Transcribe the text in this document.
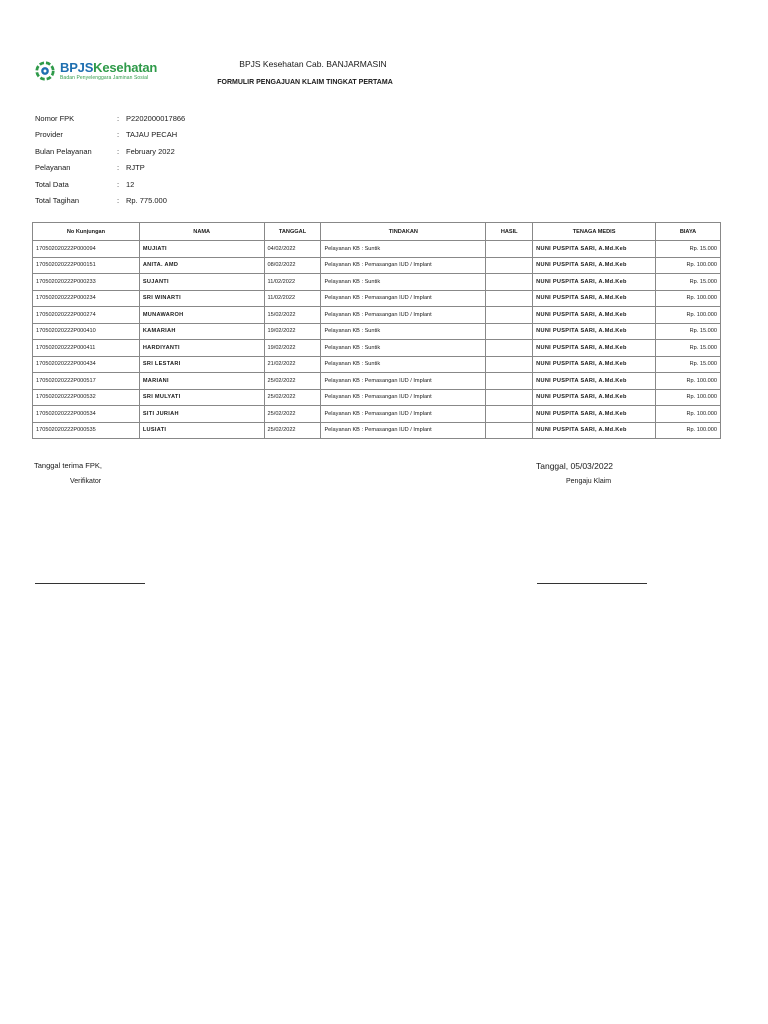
BPJSKesehatan
Badan Penyelenggara Jaminan Sosial
BPJS Kesehatan Cab. BANJARMASIN
FORMULIR PENGAJUAN KLAIM TINGKAT PERTAMA
Nomor FPK	: P2202000017866
Provider	: TAJAU PECAH
Bulan Pelayanan	: February 2022
Pelayanan	: RJTP
Total Data	: 12
Total Tagihan	: Rp. 775.000
No Kunjungan	NAMA	TANGGAL	TINDAKAN	HASIL	TENAGA MEDIS	BIAYA
170502020222P000094	MUJIATI	04/02/2022	Pelayanan KB : Suntik		NUNI PUSPITA SARI, A.Md.Keb	Rp. 15.000
170502020222P000151	ANITA. AMD	08/02/2022	Pelayanan KB : Pemasangan IUD / Implant		NUNI PUSPITA SARI, A.Md.Keb	Rp. 100.000
170502020222P000233	SUJANTI	11/02/2022	Pelayanan KB : Suntik		NUNI PUSPITA SARI, A.Md.Keb	Rp. 15.000
170502020222P000234	SRI WINARTI	11/02/2022	Pelayanan KB : Pemasangan IUD / Implant		NUNI PUSPITA SARI, A.Md.Keb	Rp. 100.000
170502020222P000274	MUNAWAROH	15/02/2022	Pelayanan KB : Pemasangan IUD / Implant		NUNI PUSPITA SARI, A.Md.Keb	Rp. 100.000
170502020222P000410	KAMARIAH	19/02/2022	Pelayanan KB : Suntik		NUNI PUSPITA SARI, A.Md.Keb	Rp. 15.000
170502020222P000411	HARDIYANTI	19/02/2022	Pelayanan KB : Suntik		NUNI PUSPITA SARI, A.Md.Keb	Rp. 15.000
170502020222P000434	SRI LESTARI	21/02/2022	Pelayanan KB : Suntik		NUNI PUSPITA SARI, A.Md.Keb	Rp. 15.000
170502020222P000517	MARIANI	25/02/2022	Pelayanan KB : Pemasangan IUD / Implant		NUNI PUSPITA SARI, A.Md.Keb	Rp. 100.000
170502020222P000532	SRI MULYATI	25/02/2022	Pelayanan KB : Pemasangan IUD / Implant		NUNI PUSPITA SARI, A.Md.Keb	Rp. 100.000
170502020222P000534	SITI JURIAH	25/02/2022	Pelayanan KB : Pemasangan IUD / Implant		NUNI PUSPITA SARI, A.Md.Keb	Rp. 100.000
170502020222P000535	LUSIATI	25/02/2022	Pelayanan KB : Pemasangan IUD / Implant		NUNI PUSPITA SARI, A.Md.Keb	Rp. 100.000
Tanggal terima FPK,
Verifikator
Tanggal, 05/03/2022
Pengaju Klaim
